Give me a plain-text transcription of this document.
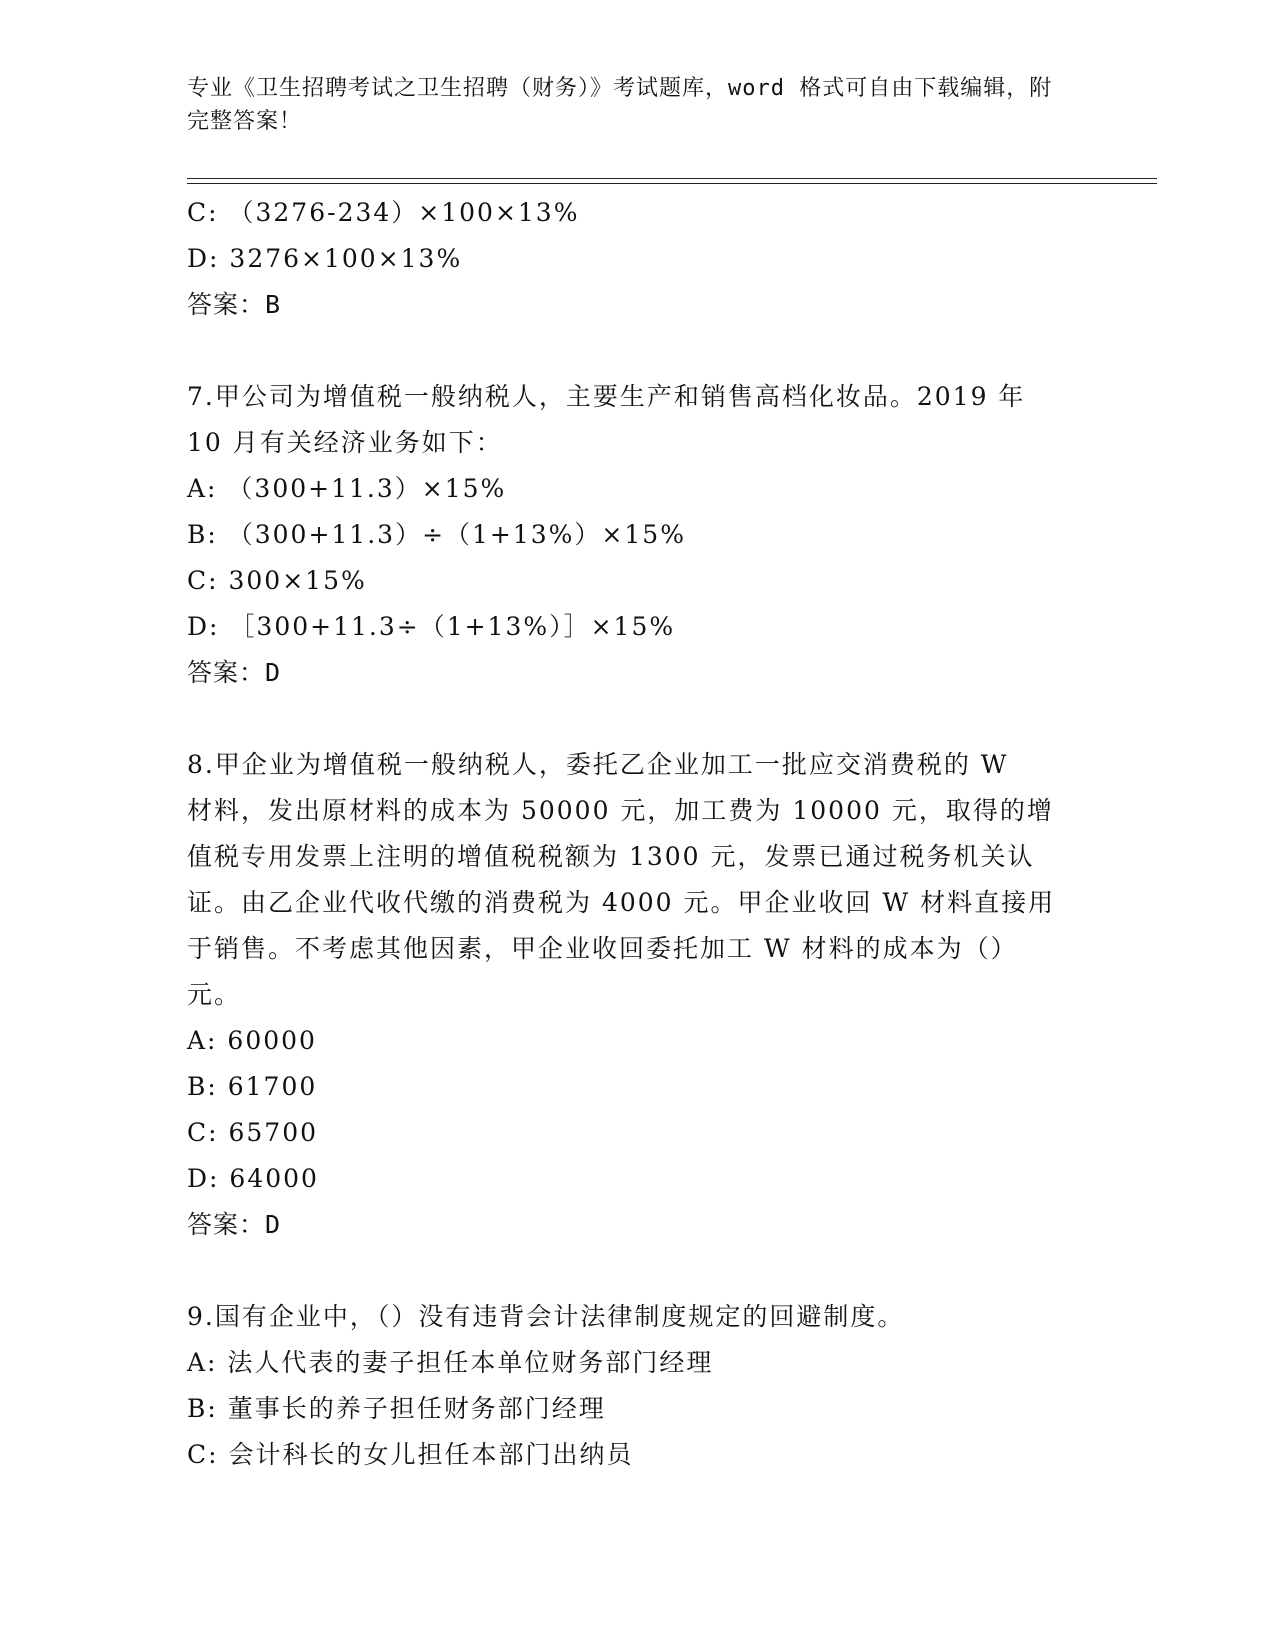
专业《卫生招聘考试之卫生招聘（财务）》考试题库，word 格式可自由下载编辑，附完整答案！
C: （3276-234）×100×13%
D: 3276×100×13%
答案：B
7.甲公司为增值税一般纳税人，主要生产和销售高档化妆品。2019 年
10 月有关经济业务如下：
A: （300+11.3）×15%
B: （300+11.3）÷（1+13%）×15%
C: 300×15%
D: ［300+11.3÷（1+13%）］×15%
答案：D
8.甲企业为增值税一般纳税人，委托乙企业加工一批应交消费税的 W
材料，发出原材料的成本为 50000 元，加工费为 10000 元，取得的增
值税专用发票上注明的增值税税额为 1300 元，发票已通过税务机关认
证。由乙企业代收代缴的消费税为 4000 元。甲企业收回 W 材料直接用
于销售。不考虑其他因素，甲企业收回委托加工 W 材料的成本为（）
元。
A: 60000
B: 61700
C: 65700
D: 64000
答案：D
9.国有企业中，（）没有违背会计法律制度规定的回避制度。
A: 法人代表的妻子担任本单位财务部门经理
B: 董事长的养子担任财务部门经理
C: 会计科长的女儿担任本部门出纳员
